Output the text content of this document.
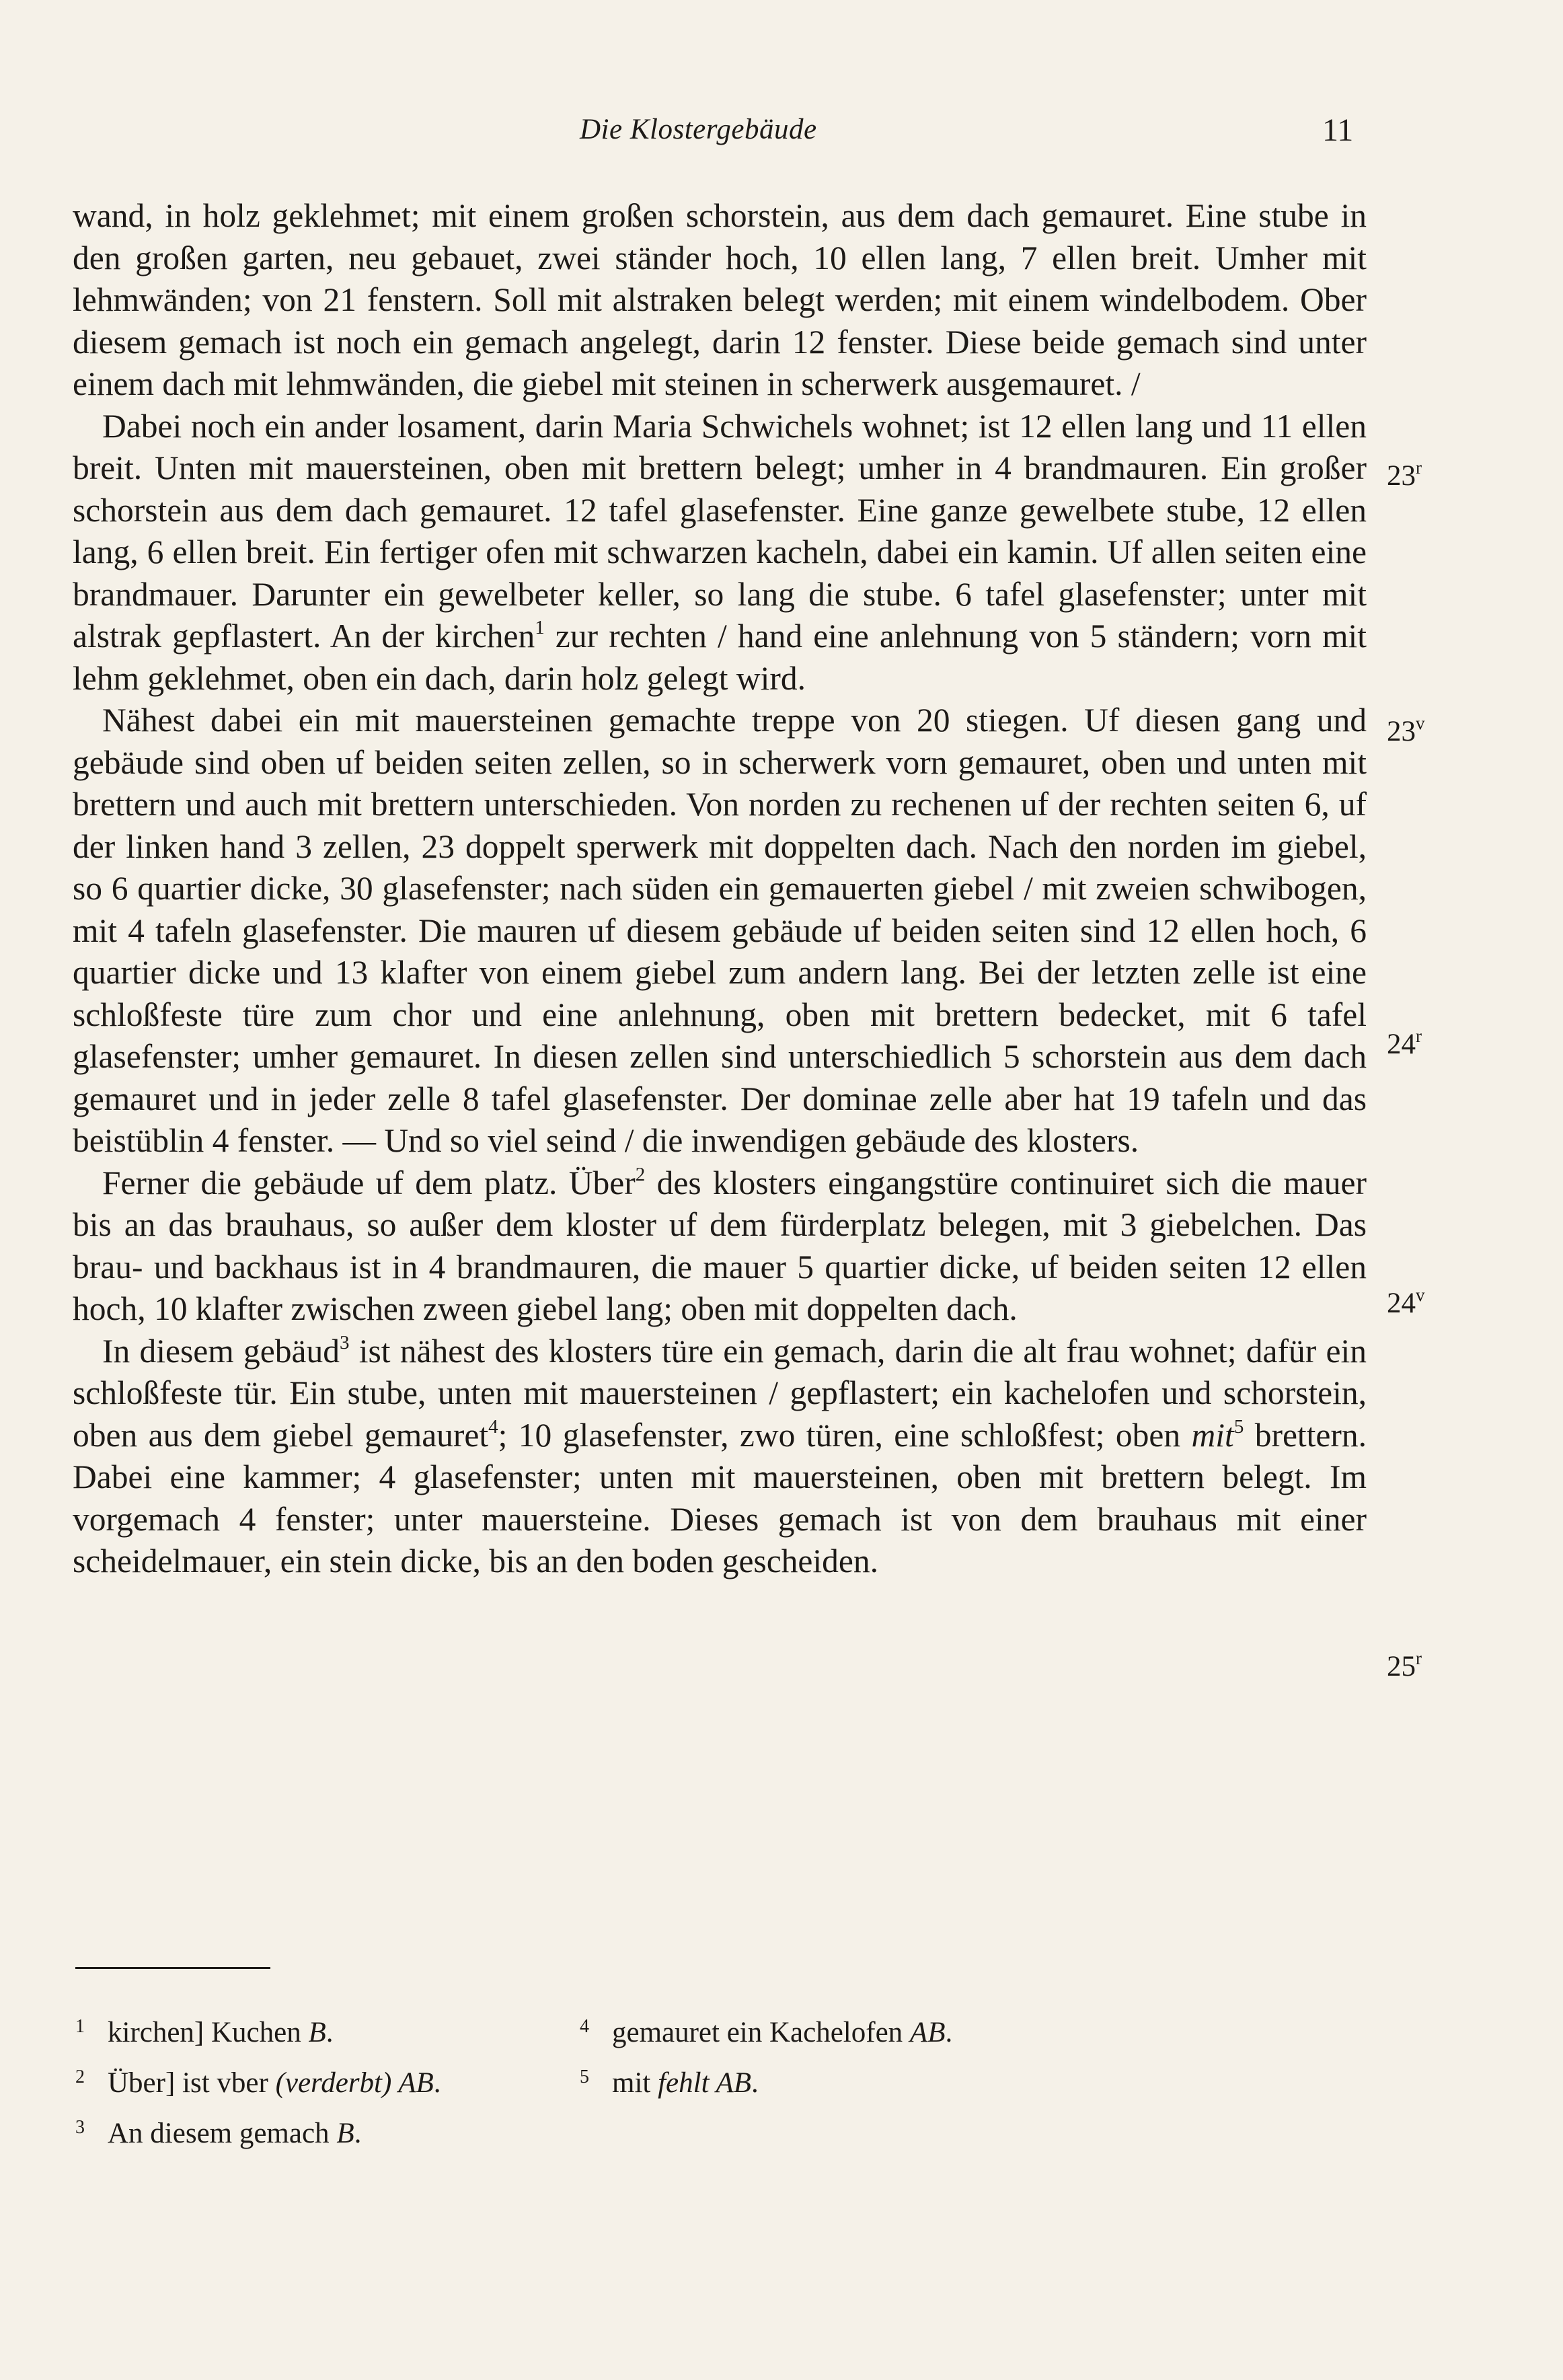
Die Klostergebäude	11

wand, in holz geklehmet; mit einem großen schorstein, aus dem dach gemauret. Eine stube in den großen garten, neu gebauet, zwei ständer hoch, 10 ellen lang, 7 ellen breit. Umher mit lehmwänden; von 21 fenstern. Soll mit alstraken belegt werden; mit einem windelbodem. Ober diesem gemach ist noch ein gemach angelegt, darin 12 fenster. Diese beide gemach sind unter einem dach mit lehmwänden, die giebel mit steinen in scherwerk ausgemauret. /

Dabei noch ein ander losament, darin Maria Schwichels wohnet; ist 12 ellen lang und 11 ellen breit. Unten mit mauersteinen, oben mit brettern belegt; umher in 4 brandmauren. Ein großer schorstein aus dem dach gemauret. 12 tafel glasefenster. Eine ganze gewelbete stube, 12 ellen lang, 6 ellen breit. Ein fertiger ofen mit schwarzen kacheln, dabei ein kamin. Uf allen seiten eine brandmauer. Darunter ein gewelbeter keller, so lang die stube. 6 tafel glasefenster; unter mit alstrak gepflastert. An der kirchen$^1$ zur rechten / hand eine anlehnung von 5 ständern; vorn mit lehm geklehmet, oben ein dach, darin holz gelegt wird.

Nähest dabei ein mit mauersteinen gemachte treppe von 20 stiegen. Uf diesen gang und gebäude sind oben uf beiden seiten zellen, so in scherwerk vorn gemauret, oben und unten mit brettern und auch mit brettern unterschieden. Von norden zu rechenen uf der rechten seiten 6, uf der linken hand 3 zellen, 23 doppelt sperwerk mit doppelten dach. Nach den norden im giebel, so 6 quartier dicke, 30 glasefenster; nach süden ein gemauerten giebel / mit zweien schwibogen, mit 4 tafeln glasefenster. Die mauren uf diesem gebäude uf beiden seiten sind 12 ellen hoch, 6 quartier dicke und 13 klafter von einem giebel zum andern lang. Bei der letzten zelle ist eine schloßfeste türe zum chor und eine anlehnung, oben mit brettern bedecket, mit 6 tafel glasefenster; umher gemauret. In diesen zellen sind unterschiedlich 5 schorstein aus dem dach gemauret und in jeder zelle 8 tafel glasefenster. Der dominae zelle aber hat 19 tafeln und das beistüblin 4 fenster. — Und so viel seind / die inwendigen gebäude des klosters.

Ferner die gebäude uf dem platz. Über$^2$ des klosters eingangstüre continuiret sich die mauer bis an das brauhaus, so außer dem kloster uf dem fürderplatz belegen, mit 3 giebelchen. Das brau- und backhaus ist in 4 brandmauren, die mauer 5 quartier dicke, uf beiden seiten 12 ellen hoch, 10 klafter zwischen zween giebel lang; oben mit doppelten dach.

In diesem gebäud$^3$ ist nähest des klosters türe ein gemach, darin die alt frau wohnet; dafür ein schloßfeste tür. Ein stube, unten mit mauersteinen / gepflastert; ein kachelofen und schorstein, oben aus dem giebel gemauret$^4$; 10 glasefenster, zwo türen, eine schloßfest; oben mit$^5$ brettern. Dabei eine kammer; 4 glasefenster; unten mit mauersteinen, oben mit brettern belegt. Im vorgemach 4 fenster; unter mauersteine. Dieses gemach ist von dem brauhaus mit einer scheidelmauer, ein stein dicke, bis an den boden gescheiden.

23$^r$
23$^v$
24$^r$
24$^v$
25$^r$
1 kirchen] Kuchen B.
2 Über] ist vber (verderbt) AB.
3 An diesem gemach B.
4 gemauret ein Kachelofen AB.
5 mit fehlt AB.
